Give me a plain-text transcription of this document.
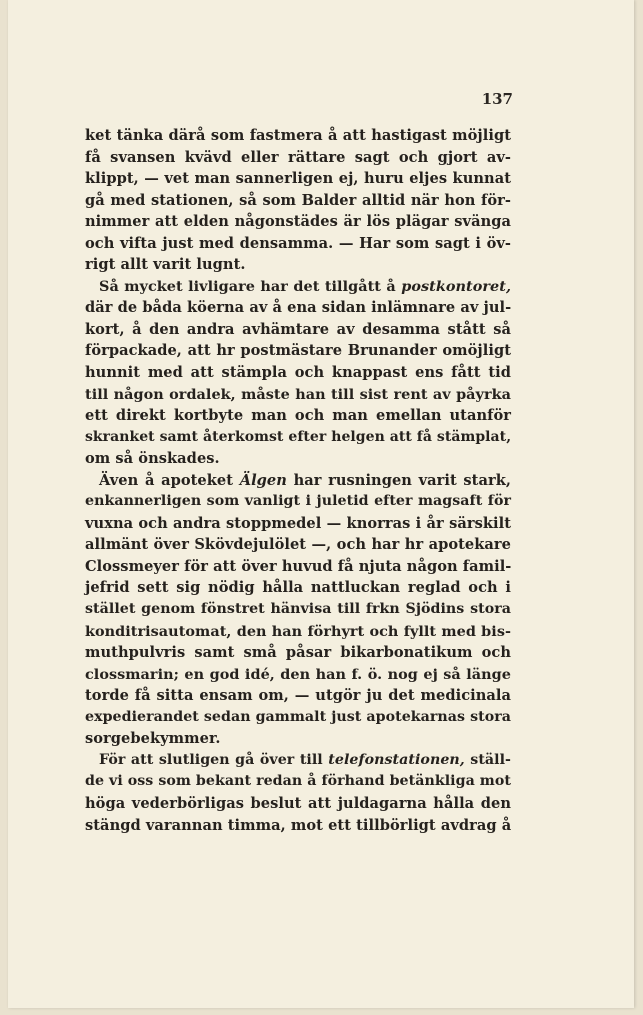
137
ket tänka därå som fastmera å att hastigast möjligt
få svansen kvävd eller rättare sagt och gjort av-
klippt, — vet man sannerligen ej, huru eljes kunnat
gå med stationen, så som Balder alltid när hon för-
nimmer att elden någonstädes är lös plägar svänga
och vifta just med densamma. — Har som sagt i öv-
rigt allt varit lugnt.
Så mycket livligare har det tillgått å postkontoret,
där de båda köerna av å ena sidan inlämnare av jul-
kort, å den andra avhämtare av desamma stått så
förpackade, att hr postmästare Brunander omöjligt
hunnit med att stämpla och knappast ens fått tid
till någon ordalek, måste han till sist rent av påyrka
ett direkt kortbyte man och man emellan utanför
skranket samt återkomst efter helgen att få stämplat,
om så önskades.
Även å apoteket Älgen har rusningen varit stark,
enkannerligen som vanligt i juletid efter magsaft för
vuxna och andra stoppmedel — knorras i år särskilt
allmänt över Skövdejulölet —, och har hr apotekare
Clossmeyer för att över huvud få njuta någon famil-
jefrid sett sig nödig hålla nattluckan reglad och i
stället genom fönstret hänvisa till frkn Sjödins stora
konditrisautomat, den han förhyrt och fyllt med bis-
muthpulvris samt små påsar bikarbonatikum och
clossmarin; en god idé, den han f. ö. nog ej så länge
torde få sitta ensam om, — utgör ju det medicinala
expedierandet sedan gammalt just apotekarnas stora
sorgebekymmer.
För att slutligen gå över till telefonstationen, ställ-
de vi oss som bekant redan å förhand betänkliga mot
höga vederbörligas beslut att juldagarna hålla den
stängd varannan timma, mot ett tillbörligt avdrag å
